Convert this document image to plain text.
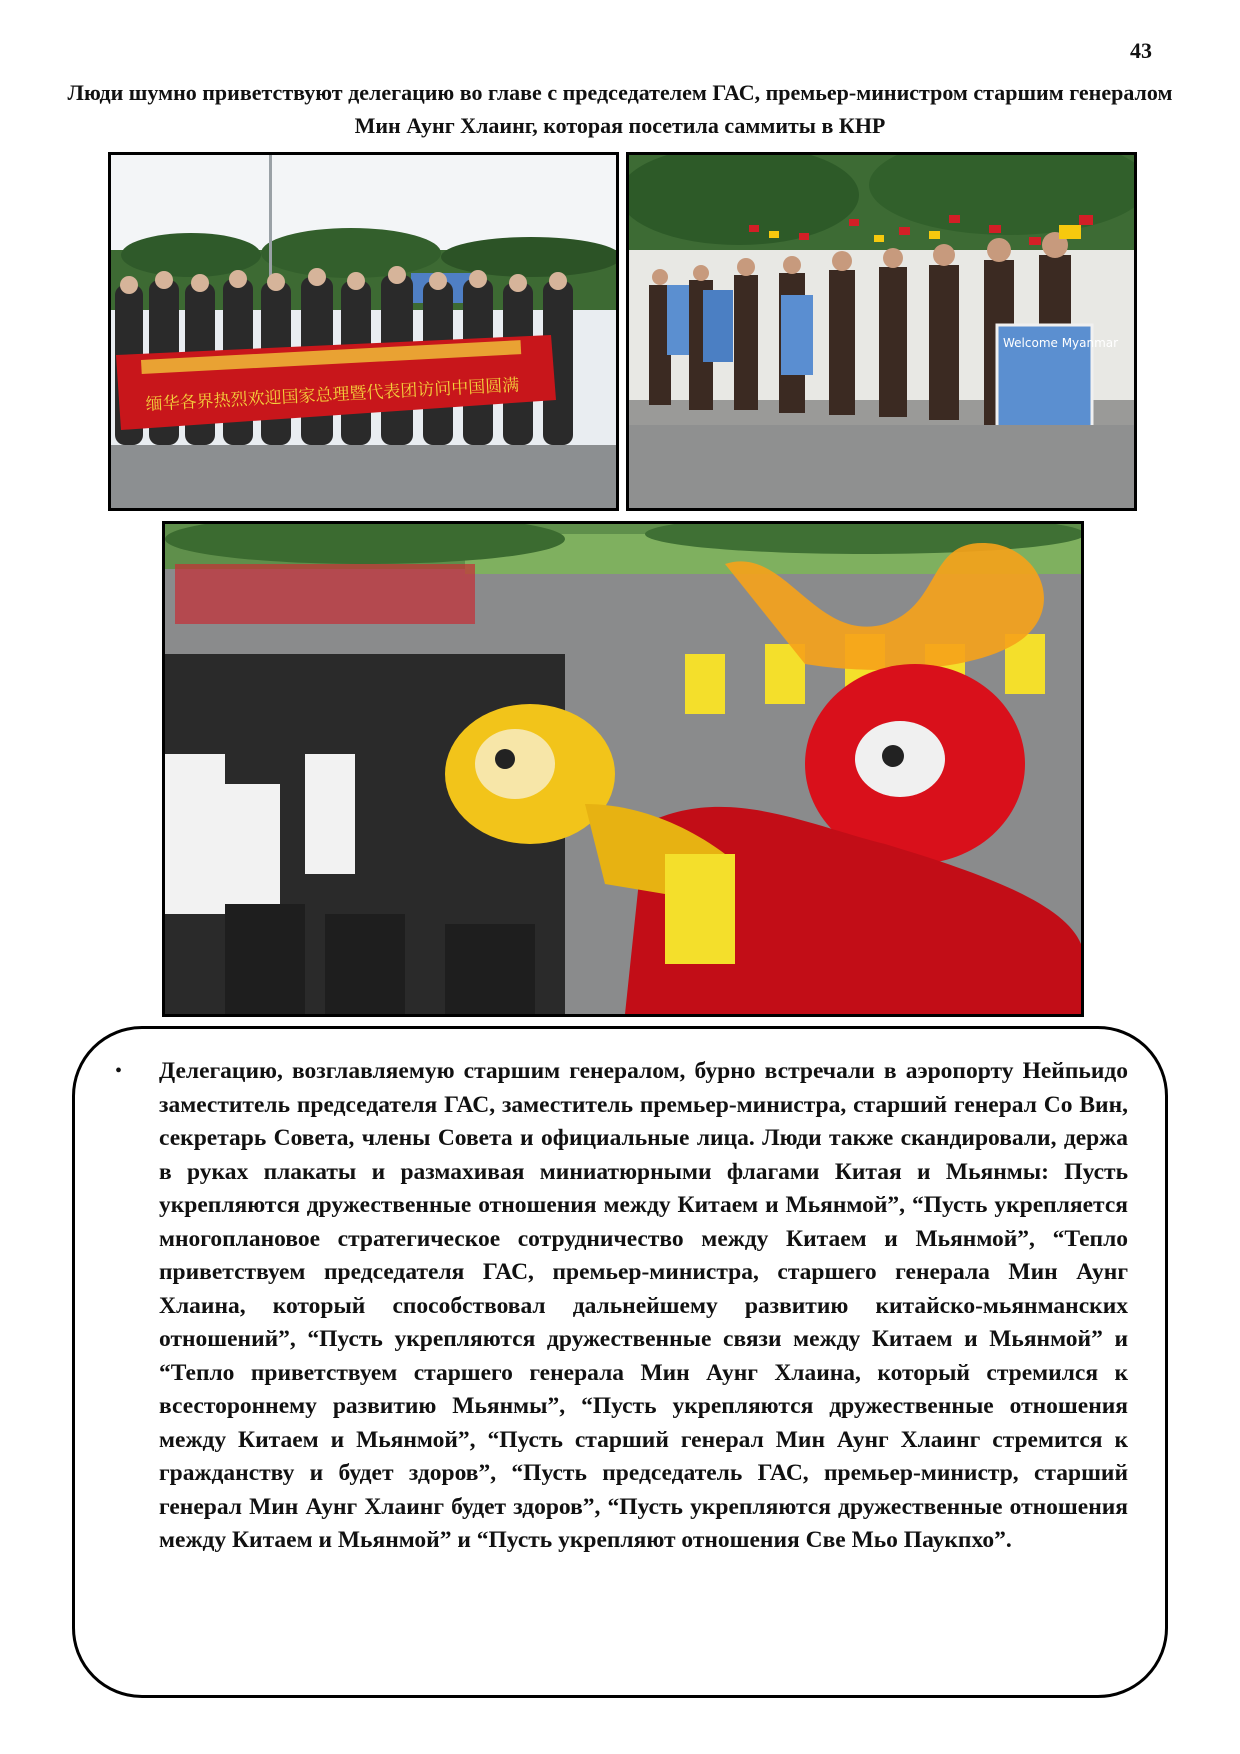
43
Люди шумно приветствуют делегацию во главе с председателем ГАС, премьер-министром старшим генералом Мин Аунг Хлаинг, которая посетила саммиты в КНР
缅华各界热烈欢迎国家总理暨代表团访问中国圆满
Welcome Myanmar
•	Делегацию, возглавляемую старшим генералом, бурно встречали в аэропорту Нейпьидо заместитель председателя ГАС, заместитель премьер-министра, старший генерал Со Вин, секретарь Совета, члены Совета и официальные лица. Люди также скандировали, держа в руках плакаты и размахивая миниатюрными флагами Китая и Мьянмы: Пусть укрепляются дружественные отношения между Китаем и Мьянмой”, “Пусть укрепляется многоплановое стратегическое сотрудничество между Китаем и Мьянмой”, “Тепло приветствуем председателя ГАС, премьер-министра, старшего генерала Мин Аунг Хлаина, который способствовал дальнейшему развитию китайско-мьянманских отношений”, “Пусть укрепляются дружественные связи между Китаем и Мьянмой” и “Тепло приветствуем старшего генерала Мин Аунг Хлаина, который стремился к всестороннему развитию Мьянмы”, “Пусть укрепляются дружественные отношения между Китаем и Мьянмой”, “Пусть старший генерал Мин Аунг Хлаинг стремится к гражданству и будет здоров”, “Пусть председатель ГАС, премьер-министр, старший генерал Мин Аунг Хлаинг будет здоров”, “Пусть укрепляются дружественные отношения между Китаем и Мьянмой” и “Пусть укрепляют отношения Све Мьо Паукпхо”.
